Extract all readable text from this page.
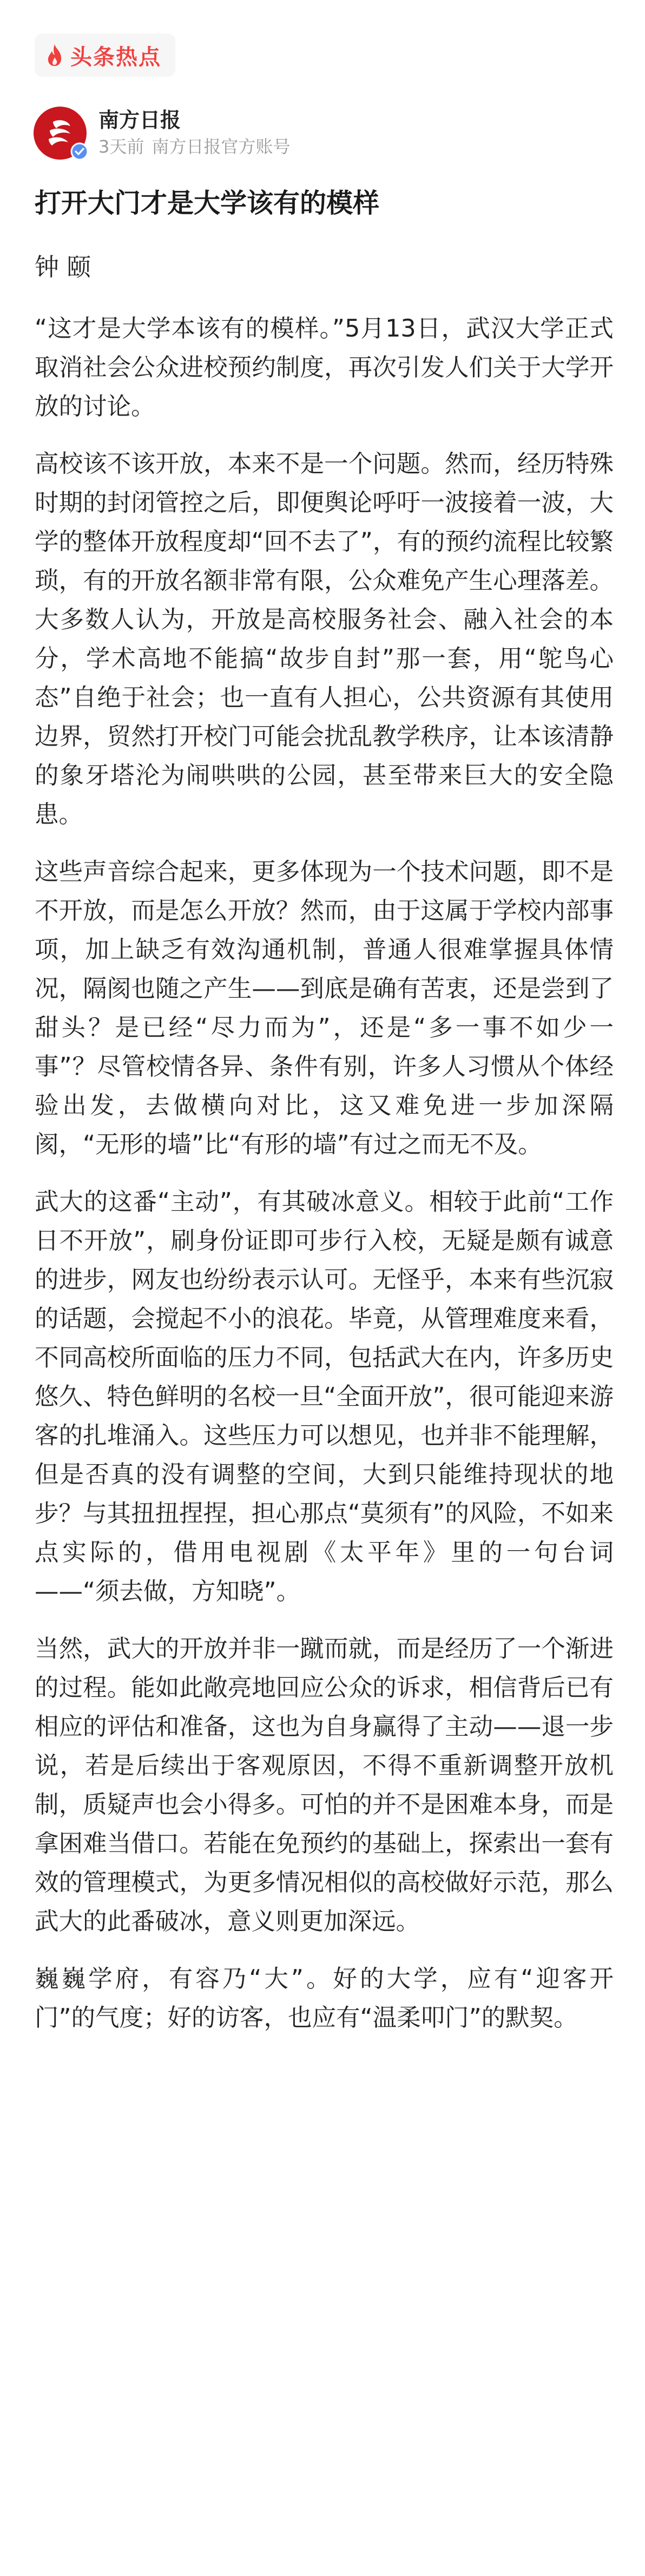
头条热点
南方日报
3天前 南方日报官方账号
打开大门才是大学该有的模样
钟 颐

“这才是大学本该有的模样。”5月13日，武汉大学正式取消社会公众进校预约制度，再次引发人们关于大学开放的讨论。

高校该不该开放，本来不是一个问题。然而，经历特殊时期的封闭管控之后，即便舆论呼吁一波接着一波，大学的整体开放程度却“回不去了”，有的预约流程比较繁琐，有的开放名额非常有限，公众难免产生心理落差。大多数人认为，开放是高校服务社会、融入社会的本分，学术高地不能搞“故步自封”那一套，用“鸵鸟心态”自绝于社会；也一直有人担心，公共资源有其使用边界，贸然打开校门可能会扰乱教学秩序，让本该清静的象牙塔沦为闹哄哄的公园，甚至带来巨大的安全隐患。

这些声音综合起来，更多体现为一个技术问题，即不是不开放，而是怎么开放？然而，由于这属于学校内部事项，加上缺乏有效沟通机制，普通人很难掌握具体情况，隔阂也随之产生——到底是确有苦衷，还是尝到了甜头？是已经“尽力而为”，还是“多一事不如少一事”？尽管校情各异、条件有别，许多人习惯从个体经验出发，去做横向对比，这又难免进一步加深隔阂，“无形的墙”比“有形的墙”有过之而无不及。

武大的这番“主动”，有其破冰意义。相较于此前“工作日不开放”，刷身份证即可步行入校，无疑是颇有诚意的进步，网友也纷纷表示认可。无怪乎，本来有些沉寂的话题，会搅起不小的浪花。毕竟，从管理难度来看，不同高校所面临的压力不同，包括武大在内，许多历史悠久、特色鲜明的名校一旦“全面开放”，很可能迎来游客的扎堆涌入。这些压力可以想见，也并非不能理解，但是否真的没有调整的空间，大到只能维持现状的地步？与其扭扭捏捏，担心那点“莫须有”的风险，不如来点实际的，借用电视剧《太平年》里的一句台词——“须去做，方知晓”。

当然，武大的开放并非一蹴而就，而是经历了一个渐进的过程。能如此敞亮地回应公众的诉求，相信背后已有相应的评估和准备，这也为自身赢得了主动——退一步说，若是后续出于客观原因，不得不重新调整开放机制，质疑声也会小得多。可怕的并不是困难本身，而是拿困难当借口。若能在免预约的基础上，探索出一套有效的管理模式，为更多情况相似的高校做好示范，那么武大的此番破冰，意义则更加深远。

巍巍学府，有容乃“大”。好的大学，应有“迎客开门”的气度；好的访客，也应有“温柔叩门”的默契。
